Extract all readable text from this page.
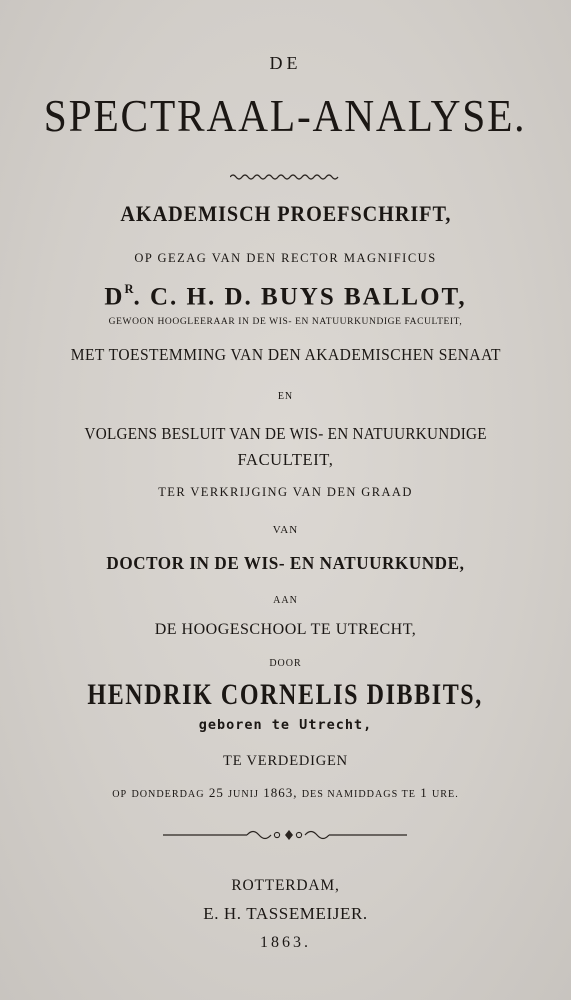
DE
SPECTRAAL-ANALYSE.
AKADEMISCH PROEFSCHRIFT,
OP GEZAG VAN DEN RECTOR MAGNIFICUS
$D^R$. C. H. D. BUYS BALLOT,
GEWOON HOOGLEERAAR IN DE WIS- EN NATUURKUNDIGE FACULTEIT,
MET TOESTEMMING VAN DEN AKADEMISCHEN SENAAT
EN
VOLGENS BESLUIT VAN DE WIS- EN NATUURKUNDIGE
FACULTEIT,
TER VERKRIJGING VAN DEN GRAAD
VAN
DOCTOR IN DE WIS- EN NATUURKUNDE,
AAN
DE HOOGESCHOOL TE UTRECHT,
DOOR
HENDRIK CORNELIS DIBBITS,
geboren te Utrecht,
TE VERDEDIGEN
OP DONDERDAG 25 JUNIJ 1863, DES NAMIDDAGS TE 1 URE.
ROTTERDAM,
E. H. TASSEMEIJER.
1863.
